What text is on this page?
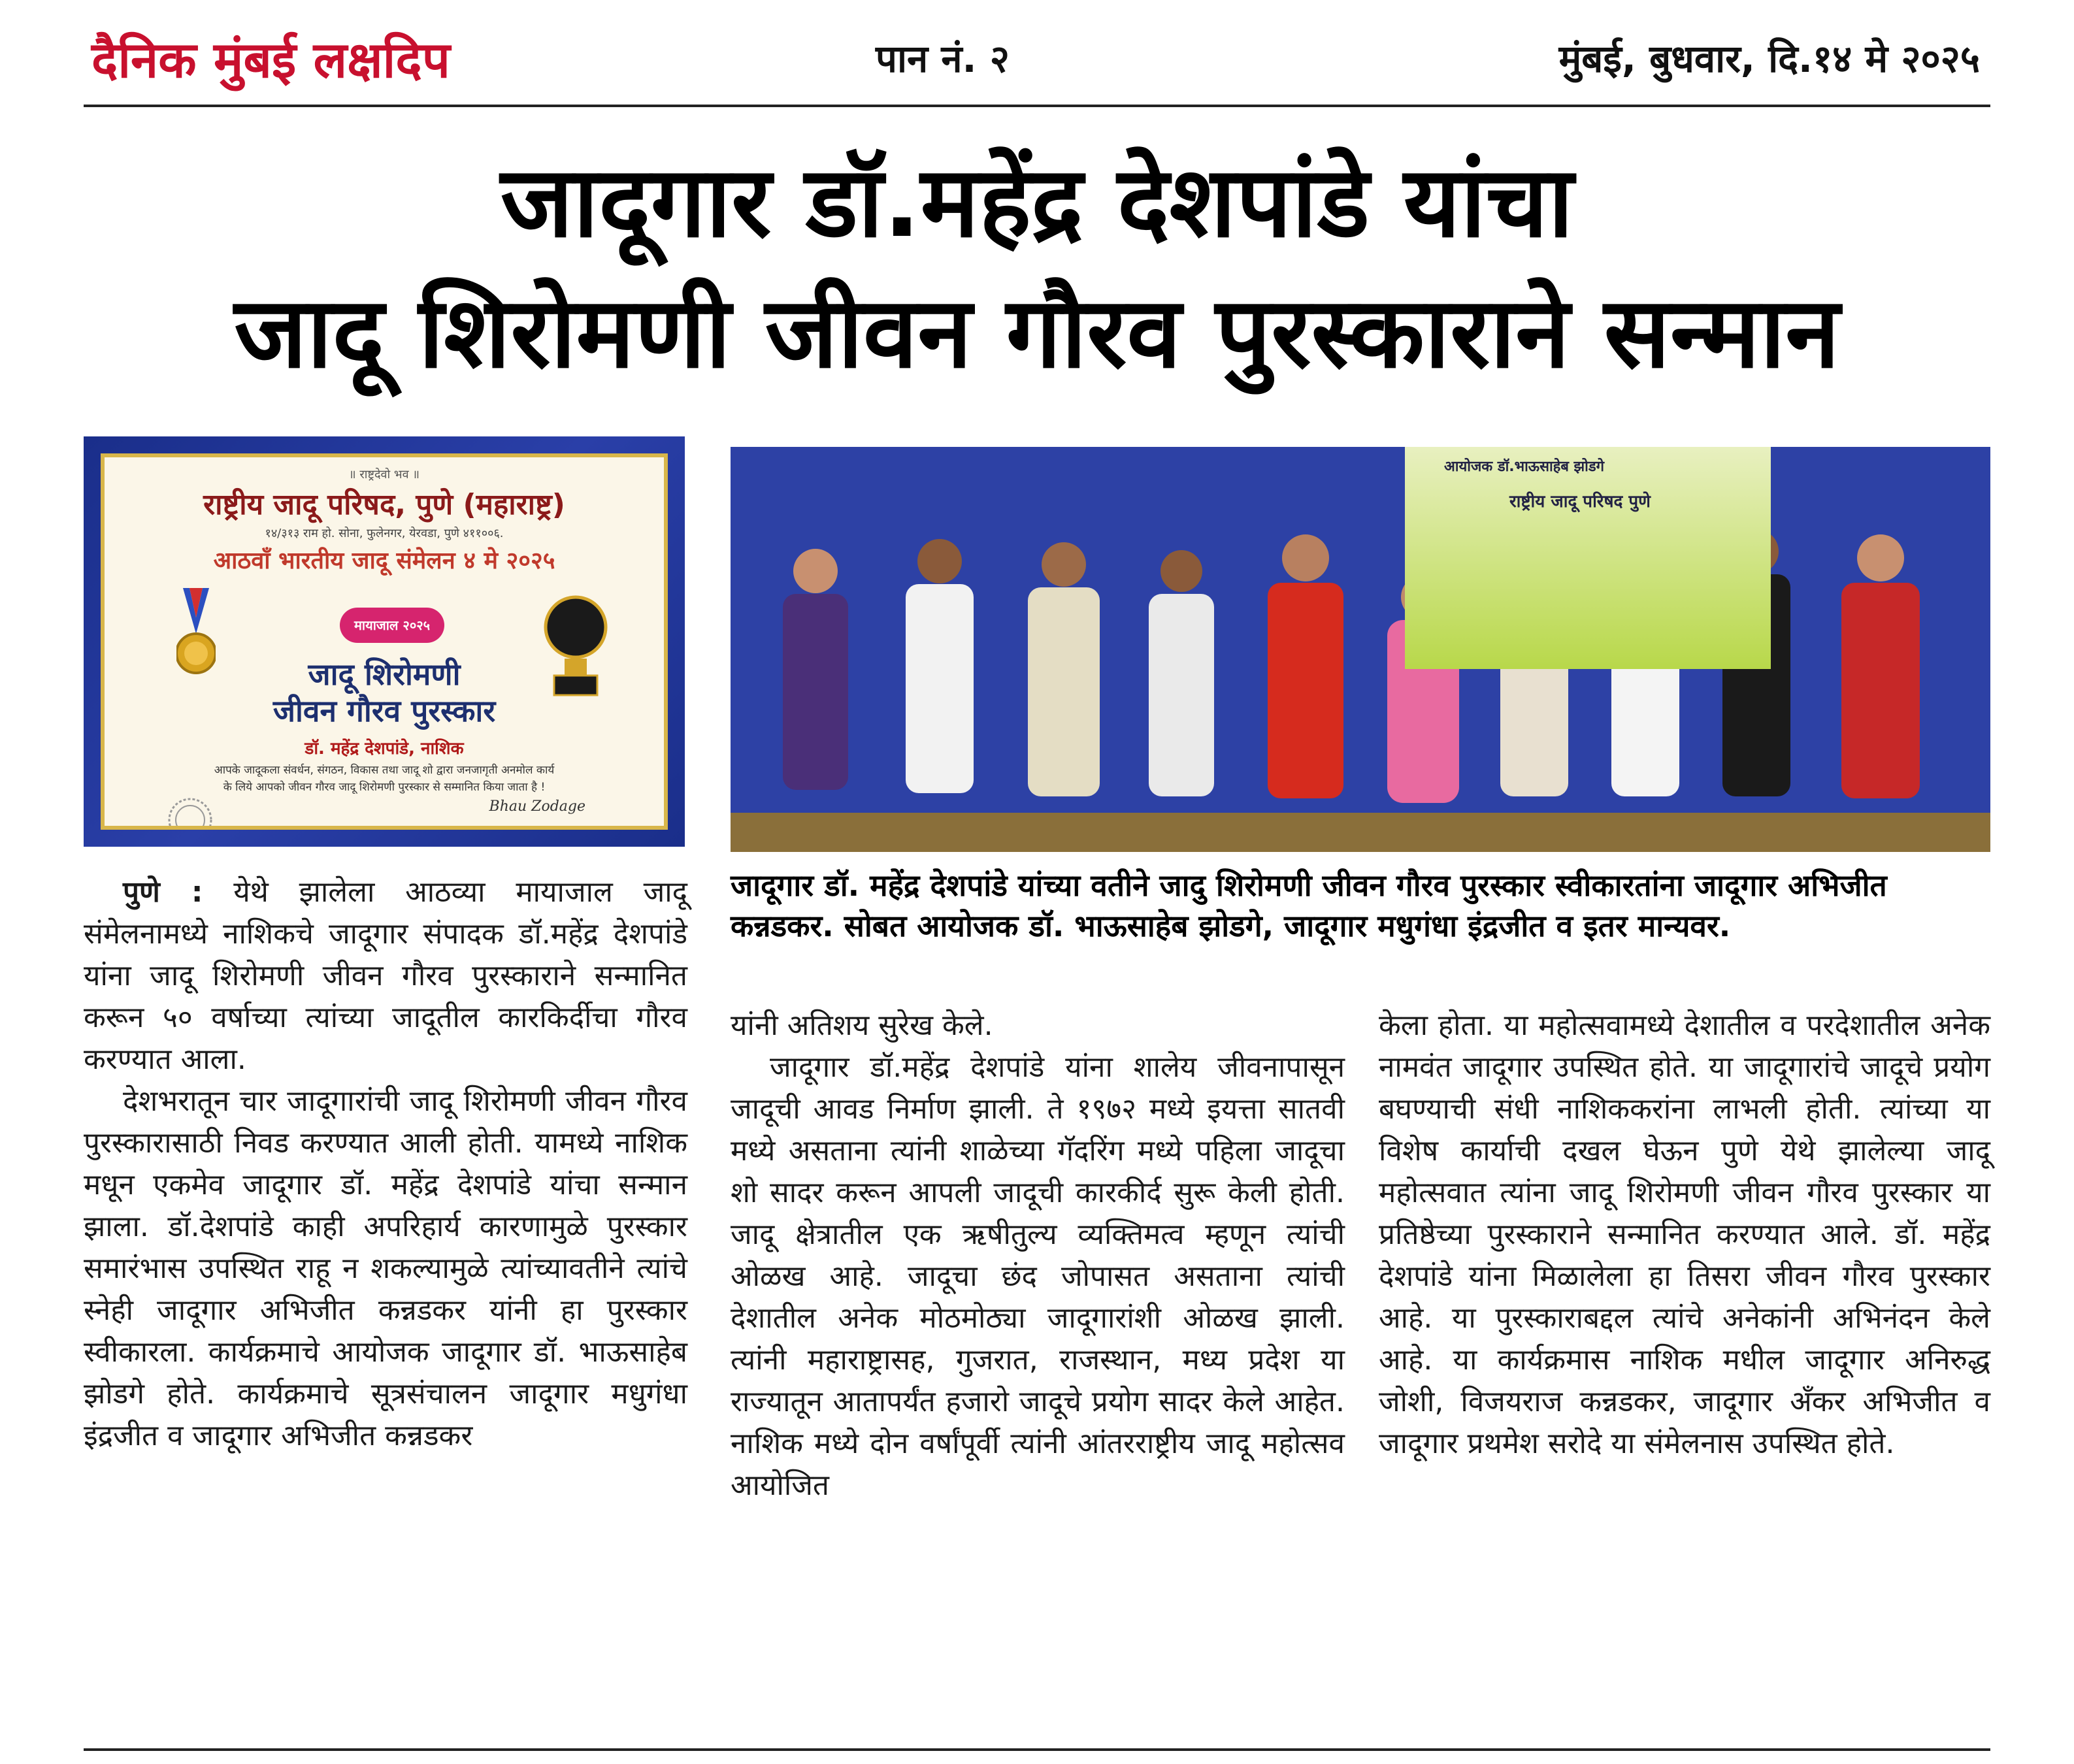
दैनिक मुंबई लक्षदिप	पान नं. २	मुंबई, बुधवार, दि.१४ मे २०२५
जादूगार डॉ.महेंद्र देशपांडे यांचा
जादू शिरोमणी जीवन गौरव पुरस्काराने सन्मान
॥ राष्ट्रदेवो भव ॥
राष्ट्रीय जादू परिषद, पुणे (महाराष्ट्र)
१४/३१३ राम हो. सोना, फुलेनगर, येरवडा, पुणे ४११००६.
आठवाँ भारतीय जादू संमेलन ४ मे २०२५
मायाजाल २०२५
जादू शिरोमणी
जीवन गौरव पुरस्कार
डॉ. महेंद्र देशपांडे, नाशिक
आपके जादूकला संवर्धन, संगठन, विकास तथा जादू शो द्वारा जनजागृती अनमोल कार्य
के लिये आपको जीवन गौरव जादू शिरोमणी पुरस्कार से सम्मानित किया जाता है !
Bhau Zodage
आयोजक डॉ.भाऊसाहेब झोडगे
राष्ट्रीय जादू परिषद पुणे
जादूगार डॉ. महेंद्र देशपांडे यांच्या वतीने जादु शिरोमणी जीवन गौरव पुरस्कार स्वीकारतांना जादूगार अभिजीत कन्नडकर. सोबत आयोजक डॉ. भाऊसाहेब झोडगे, जादूगार मधुगंधा इंद्रजीत व इतर मान्यवर.

पुणे : येथे झालेला आठव्या मायाजाल जादू संमेलनामध्ये नाशिकचे जादूगार संपादक डॉ.महेंद्र देशपांडे यांना जादू शिरोमणी जीवन गौरव पुरस्काराने सन्मानित करून ५० वर्षाच्या त्यांच्या जादूतील कारकिर्दीचा गौरव करण्यात आला.

देशभरातून चार जादूगारांची जादू शिरोमणी जीवन गौरव पुरस्कारासाठी निवड करण्यात आली होती. यामध्ये नाशिक मधून एकमेव जादूगार डॉ. महेंद्र देशपांडे यांचा सन्मान झाला. डॉ.देशपांडे काही अपरिहार्य कारणामुळे पुरस्कार समारंभास उपस्थित राहू न शकल्यामुळे त्यांच्यावतीने त्यांचे स्नेही जादूगार अभिजीत कन्नडकर यांनी हा पुरस्कार स्वीकारला. कार्यक्रमाचे आयोजक जादूगार डॉ. भाऊसाहेब झोडगे होते. कार्यक्रमाचे सूत्रसंचालन जादूगार मधुगंधा इंद्रजीत व जादूगार अभिजीत कन्नडकर

यांनी अतिशय सुरेख केले.

जादूगार डॉ.महेंद्र देशपांडे यांना शालेय जीवनापासून जादूची आवड निर्माण झाली. ते १९७२ मध्ये इयत्ता सातवी मध्ये असताना त्यांनी शाळेच्या गॅदरिंग मध्ये पहिला जादूचा शो सादर करून आपली जादूची कारकीर्द सुरू केली होती. जादू क्षेत्रातील एक ऋषीतुल्य व्यक्तिमत्व म्हणून त्यांची ओळख आहे. जादूचा छंद जोपासत असताना त्यांची देशातील अनेक मोठमोठ्या जादूगारांशी ओळख झाली. त्यांनी महाराष्ट्रासह, गुजरात, राजस्थान, मध्य प्रदेश या राज्यातून आतापर्यंत हजारो जादूचे प्रयोग सादर केले आहेत. नाशिक मध्ये दोन वर्षांपूर्वी त्यांनी आंतरराष्ट्रीय जादू महोत्सव आयोजित

केला होता. या महोत्सवामध्ये देशातील व परदेशातील अनेक नामवंत जादूगार उपस्थित होते. या जादूगारांचे जादूचे प्रयोग बघण्याची संधी नाशिककरांना लाभली होती. त्यांच्या या विशेष कार्याची दखल घेऊन पुणे येथे झालेल्या जादू महोत्सवात त्यांना जादू शिरोमणी जीवन गौरव पुरस्कार या प्रतिष्ठेच्या पुरस्काराने सन्मानित करण्यात आले. डॉ. महेंद्र देशपांडे यांना मिळालेला हा तिसरा जीवन गौरव पुरस्कार आहे. या पुरस्काराबद्दल त्यांचे अनेकांनी अभिनंदन केले आहे. या कार्यक्रमास नाशिक मधील जादूगार अनिरुद्ध जोशी, विजयराज कन्नडकर, जादूगार अँकर अभिजीत व जादूगार प्रथमेश सरोदे या संमेलनास उपस्थित होते.
